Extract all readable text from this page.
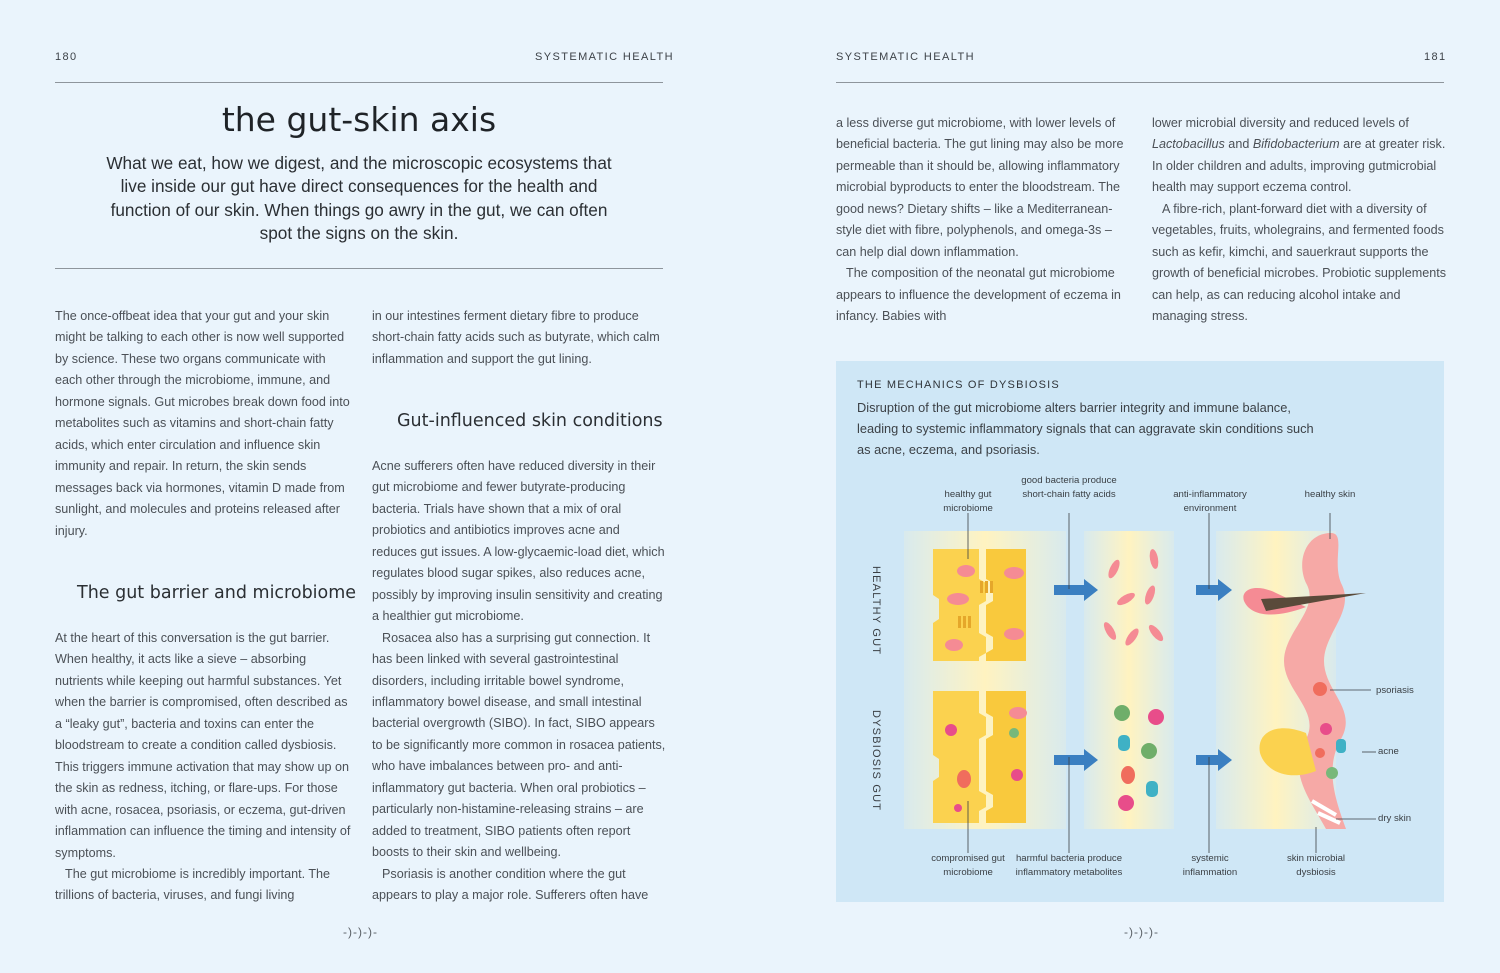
180	SYSTEMATIC HEALTH
the gut-skin axis
What we eat, how we digest, and the microscopic ecosystems that live inside our gut have direct consequences for the health and function of our skin. When things go awry in the gut, we can often spot the signs on the skin.

The once-offbeat idea that your gut and your skin might be talking to each other is now well supported by science. These two organs communicate with each other through the microbiome, immune, and hormone signals. Gut microbes break down food into metabolites such as vitamins and short-chain fatty acids, which enter circulation and influence skin immunity and repair. In return, the skin sends messages back via hormones, vitamin D made from sunlight, and molecules and proteins released after injury.

The gut barrier and microbiome

At the heart of this conversation is the gut barrier. When healthy, it acts like a sieve – absorbing nutrients while keeping out harmful substances. Yet when the barrier is compromised, often described as a “leaky gut”, bacteria and toxins can enter the bloodstream to create a condition called dysbiosis. This triggers immune activation that may show up on the skin as redness, itching, or flare-ups. For those with acne, rosacea, psoriasis, or eczema, gut-driven inflammation can influence the timing and intensity of symptoms.

The gut microbiome is incredibly important. The trillions of bacteria, viruses, and fungi living

in our intestines ferment dietary fibre to produce short-chain fatty acids such as butyrate, which calm inflammation and support the gut lining.

Gut-influenced skin conditions

Acne sufferers often have reduced diversity in their gut microbiome and fewer butyrate-producing bacteria. Trials have shown that a mix of oral probiotics and antibiotics improves acne and reduces gut issues. A low-glycaemic-load diet, which regulates blood sugar spikes, also reduces acne, possibly by improving insulin sensitivity and creating a healthier gut microbiome.

Rosacea also has a surprising gut connection. It has been linked with several gastrointestinal disorders, including irritable bowel syndrome, inflammatory bowel disease, and small intestinal bacterial overgrowth (SIBO). In fact, SIBO appears to be significantly more common in rosacea patients, who have imbalances between pro- and anti-inflammatory gut bacteria. When oral probiotics – particularly non-histamine-releasing strains – are added to treatment, SIBO patients often report boosts to their skin and wellbeing.

Psoriasis is another condition where the gut appears to play a major role. Sufferers often have

-)-)-)-
SYSTEMATIC HEALTH	181

a less diverse gut microbiome, with lower levels of beneficial bacteria. The gut lining may also be more permeable than it should be, allowing inflammatory microbial byproducts to enter the bloodstream. The good news? Dietary shifts – like a Mediterranean-style diet with fibre, polyphenols, and omega-3s – can help dial down inflammation.

The composition of the neonatal gut microbiome appears to influence the development of eczema in infancy. Babies with

lower microbial diversity and reduced levels of Lactobacillus and Bifidobacterium are at greater risk. In older children and adults, improving gutmicrobial health may support eczema control.

A fibre-rich, plant-forward diet with a diversity of vegetables, fruits, wholegrains, and fermented foods such as kefir, kimchi, and sauerkraut supports the growth of beneficial microbes. Probiotic supplements can help, as can reducing alcohol intake and managing stress.

-)-)-)-
THE MECHANICS OF DYSBIOSIS
Disruption of the gut microbiome alters barrier integrity and immune balance, leading to systemic inflammatory signals that can aggravate skin conditions such as acne, eczema, and psoriasis.
HEALTHY GUT
DYSBIOSIS GUT
healthy gut microbiome
good bacteria produce short-chain fatty acids	anti-inflammatory environment
healthy skin
psoriasis
acne
dry skin
compromised gut microbiome
harmful bacteria produce inflammatory metabolites
systemic inflammation
skin microbial dysbiosis
